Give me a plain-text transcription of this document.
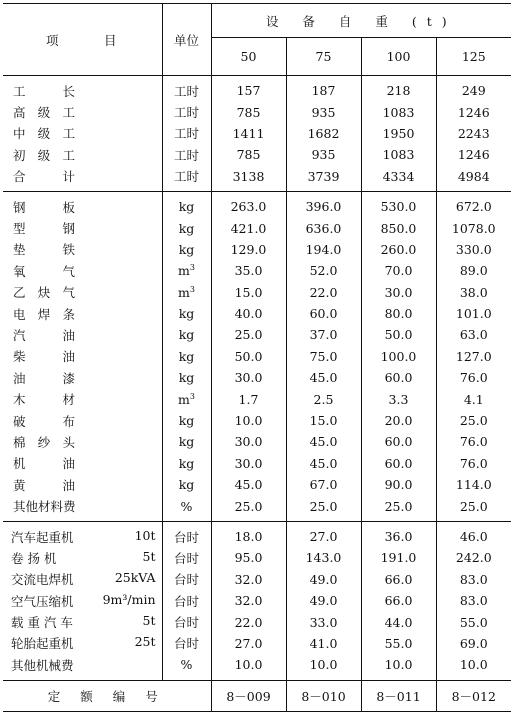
项　　　目	单位	设 备 自 重 (t)			
		50	75	100	125

工 长	工时	157	187	218	249

高 级 工	工时	785	935	1083	1246

中 级 工	工时	1411	1682	1950	2243

初 级 工	工时	785	935	1083	1246

合 计	工时	3138	3739	4334	4984

钢 板	kg	263.0	396.0	530.0	672.0

型 钢	kg	421.0	636.0	850.0	1078.0

垫 铁	kg	129.0	194.0	260.0	330.0

氧 气	$m^3$	35.0	52.0	70.0	89.0

乙 炔 气	$m^3$	15.0	22.0	30.0	38.0

电 焊 条	kg	40.0	60.0	80.0	101.0

汽 油	kg	25.0	37.0	50.0	63.0

柴 油	kg	50.0	75.0	100.0	127.0

油 漆	kg	30.0	45.0	60.0	76.0

木 材	$m^3$	1.7	2.5	3.3	4.1

破 布	kg	10.0	15.0	20.0	25.0

棉 纱 头	kg	30.0	45.0	60.0	76.0

机 油	kg	30.0	45.0	60.0	76.0

黄 油	kg	45.0	67.0	90.0	114.0
其他材料费	%	25.0	25.0	25.0	25.0

汽车起重机 10t	台时	18.0	27.0	36.0	46.0

卷 扬 机 5t	台时	95.0	143.0	191.0	242.0

交流电焊机 25kVA	台时	32.0	49.0	66.0	83.0

空气压缩机 9m³/min	台时	32.0	49.0	66.0	83.0

载 重 汽 车 5t	台时	22.0	33.0	44.0	55.0

轮胎起重机 25t	台时	27.0	41.0	55.0	69.0

其他机械费	%	10.0	10.0	10.0	10.0
定 额 编 号		8－009	8－010	8－011	8－012
